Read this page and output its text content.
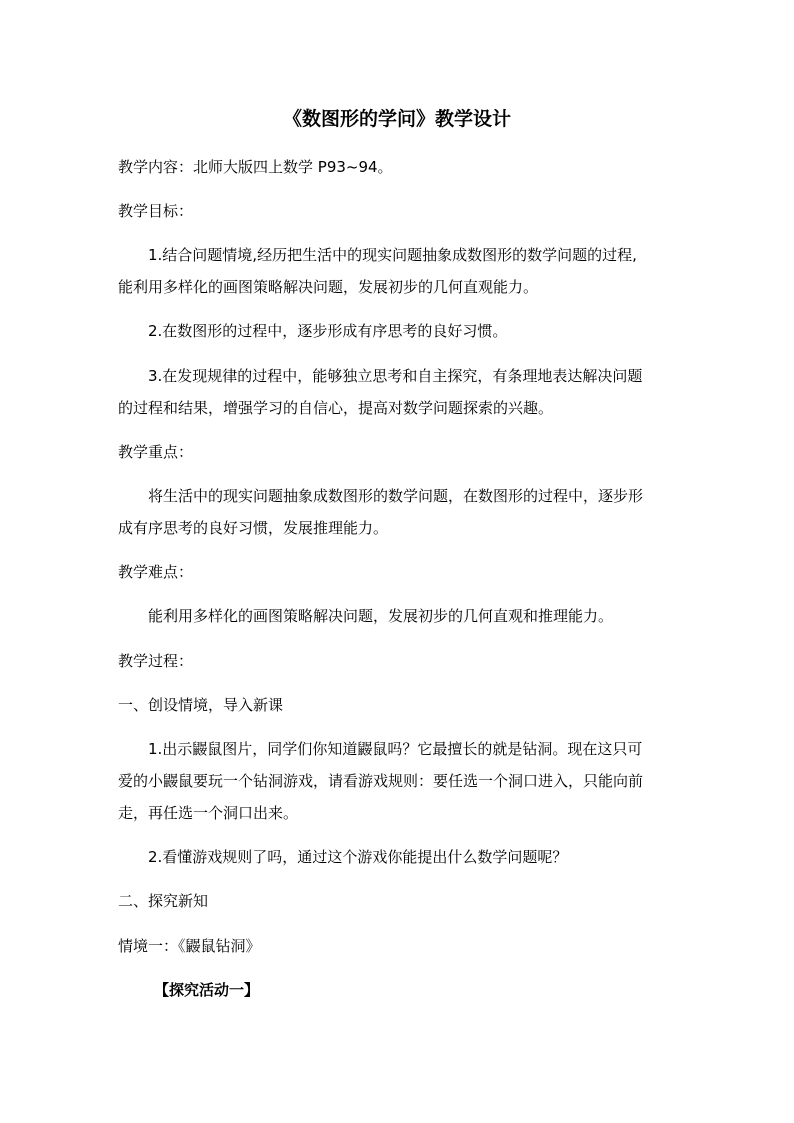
《数图形的学问》教学设计
教学内容：北师大版四上数学 P93~94。
教学目标：
1.结合问题情境,经历把生活中的现实问题抽象成数图形的数学问题的过程,
能利用多样化的画图策略解决问题，发展初步的几何直观能力。
2.在数图形的过程中，逐步形成有序思考的良好习惯。
3.在发现规律的过程中，能够独立思考和自主探究，有条理地表达解决问题
的过程和结果，增强学习的自信心，提高对数学问题探索的兴趣。
教学重点：
将生活中的现实问题抽象成数图形的数学问题，在数图形的过程中，逐步形
成有序思考的良好习惯，发展推理能力。
教学难点：
能利用多样化的画图策略解决问题，发展初步的几何直观和推理能力。
教学过程：
一、创设情境，导入新课
1.出示鼹鼠图片，同学们你知道鼹鼠吗？它最擅长的就是钻洞。现在这只可
爱的小鼹鼠要玩一个钻洞游戏，请看游戏规则：要任选一个洞口进入，只能向前
走，再任选一个洞口出来。
2.看懂游戏规则了吗，通过这个游戏你能提出什么数学问题呢？
二、探究新知
情境一：《鼹鼠钻洞》
【探究活动一】
